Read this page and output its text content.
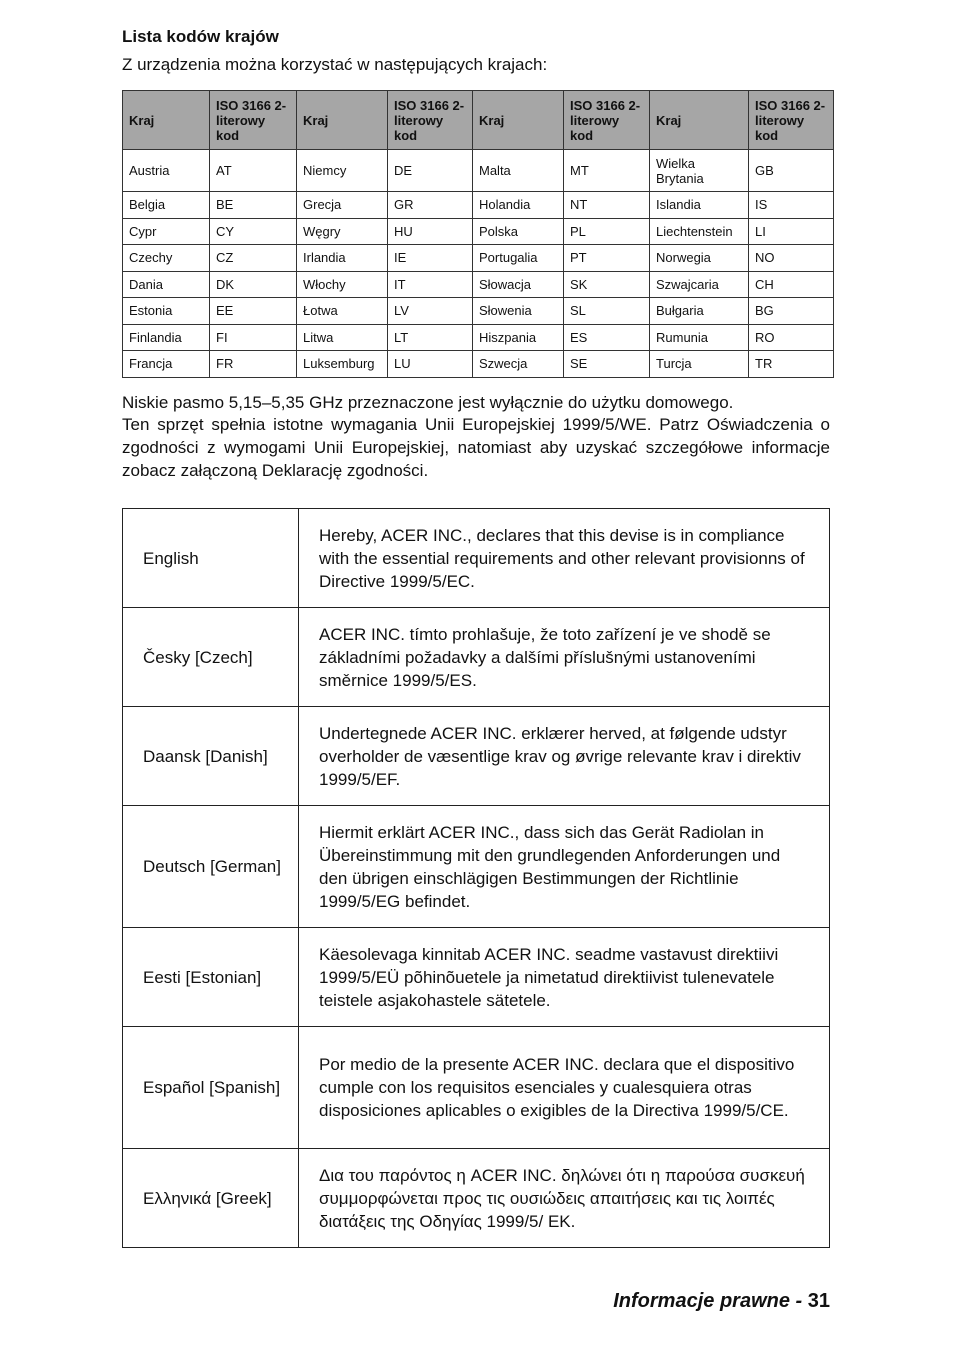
Lista kodów krajów

Z urządzenia można korzystać w następujących krajach:

Kraj	ISO 3166 2-literowy kod	Kraj	ISO 3166 2-literowy kod	Kraj	ISO 3166 2-literowy kod	Kraj	ISO 3166 2-literowy kod
Austria	AT	Niemcy	DE	Malta	MT	Wielka Brytania	GB
Belgia	BE	Grecja	GR	Holandia	NT	Islandia	IS
Cypr	CY	Węgry	HU	Polska	PL	Liechtenstein	LI
Czechy	CZ	Irlandia	IE	Portugalia	PT	Norwegia	NO
Dania	DK	Włochy	IT	Słowacja	SK	Szwajcaria	CH
Estonia	EE	Łotwa	LV	Słowenia	SL	Bułgaria	BG
Finlandia	FI	Litwa	LT	Hiszpania	ES	Rumunia	RO
Francja	FR	Luksemburg	LU	Szwecja	SE	Turcja	TR

Niskie pasmo 5,15–5,35 GHz przeznaczone jest wyłącznie do użytku domowego.

Ten sprzęt spełnia istotne wymagania Unii Europejskiej 1999/5/WE. Patrz Oświadczenia o zgodności z wymogami Unii Europejskiej, natomiast aby uzyskać szczegółowe informacje zobacz załączoną Deklarację zgodności.

English	Hereby, ACER INC., declares that this devise is in compliance with the essential requirements and other relevant provisionns of Directive 1999/5/EC.
Česky [Czech]	ACER INC. tímto prohlašuje, že toto zařízení je ve shodě se základními požadavky a dalšími příslušnými ustanoveními směrnice 1999/5/ES.
Daansk [Danish]	Undertegnede ACER INC. erklærer herved, at følgende udstyr overholder de væsentlige krav og øvrige relevante krav i direktiv 1999/5/EF.
Deutsch [German]	Hiermit erklärt ACER INC., dass sich das Gerät Radiolan in Übereinstimmung mit den grundlegenden Anforderungen und den übrigen einschlägigen Bestimmungen der Richtlinie 1999/5/EG befindet.
Eesti [Estonian]	Käesolevaga kinnitab ACER INC. seadme vastavust direktiivi 1999/5/EÜ põhinõuetele ja nimetatud direktiivist tulenevatele teistele asjakohastele sätetele.
Español [Spanish]	Por medio de la presente ACER INC. declara que el dispositivo cumple con los requisitos esenciales y cualesquiera otras disposiciones aplicables o exigibles de la Directiva 1999/5/CE.
Ελληνικά [Greek]	Δια του παρόντος η ACER INC. δηλώνει ότι η παρούσα συσκευή συμμορφώνεται προς τις ουσιώδεις απαιτήσεις και τις λοιπές διατάξεις της Οδηγίας 1999/5/ ΕΚ.

Informacje prawne - 31
